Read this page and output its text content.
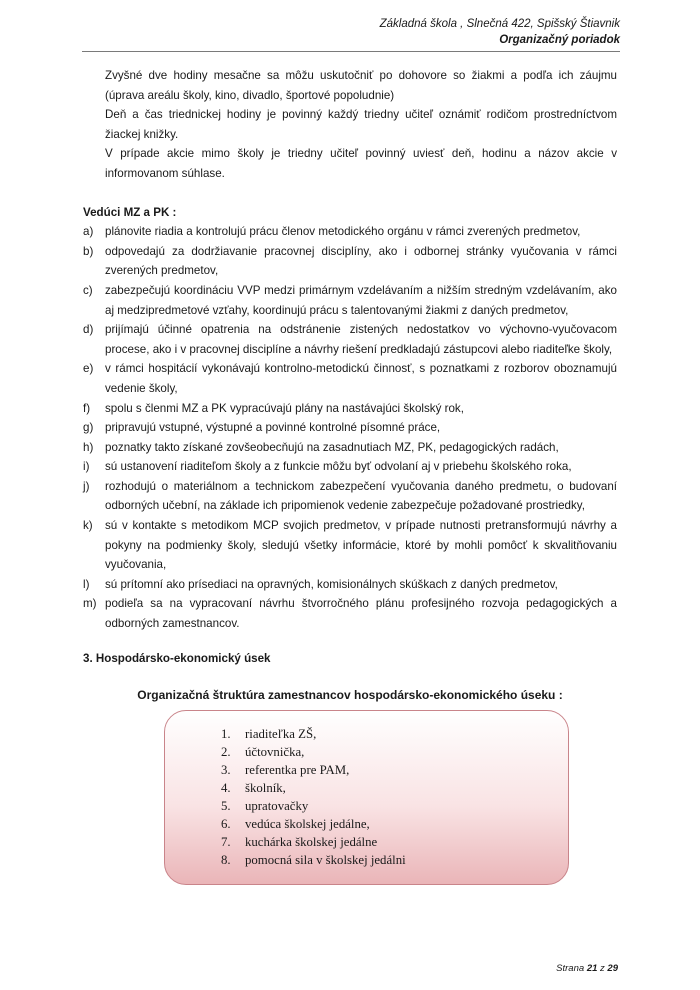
Základná škola , Slnečná 422, Spišský Štiavnik
Organizačný poriadok

Zvyšné dve hodiny mesačne sa môžu uskutočniť po dohovore so žiakmi a podľa ich záujmu (úprava areálu školy, kino, divadlo, športové popoludnie)

Deň a čas triednickej hodiny je povinný každý triedny učiteľ oznámiť rodičom prostredníctvom žiackej knižky.

V prípade akcie mimo školy je triedny učiteľ povinný uviesť deň, hodinu a názov akcie v informovanom súhlase.

Vedúci MZ a PK :
a) plánovite riadia a kontrolujú prácu členov metodického orgánu v rámci zverených predmetov,
b) odpovedajú za dodržiavanie pracovnej disciplíny, ako i odbornej stránky vyučovania v rámci zverených predmetov,
c) zabezpečujú koordináciu VVP medzi primárnym vzdelávaním a nižším stredným vzdelávaním, ako aj medzipredmetové vzťahy, koordinujú prácu s talentovanými žiakmi z daných predmetov,
d) prijímajú účinné opatrenia na odstránenie zistených nedostatkov vo výchovno-vyučovacom procese, ako i v pracovnej disciplíne a návrhy riešení predkladajú zástupcovi alebo riaditeľke školy,
e) v rámci hospitácií vykonávajú kontrolno-metodickú činnosť, s poznatkami z rozborov oboznamujú vedenie školy,
f) spolu s členmi MZ a PK vypracúvajú plány na nastávajúci školský rok,
g) pripravujú vstupné, výstupné a povinné kontrolné písomné práce,
h) poznatky takto získané zovšeobecňujú na zasadnutiach MZ, PK, pedagogických radách,
i) sú ustanovení riaditeľom školy a z funkcie môžu byť odvolaní aj v priebehu školského roka,
j) rozhodujú o materiálnom a technickom zabezpečení vyučovania daného predmetu, o budovaní odborných učební, na základe ich pripomienok vedenie zabezpečuje požadované prostriedky,
k) sú v kontakte s metodikom MCP svojich predmetov, v prípade nutnosti pretransformujú návrhy a pokyny na podmienky školy, sledujú všetky informácie, ktoré by mohli pomôcť k skvalitňovaniu vyučovania,
l) sú prítomní ako prísediaci na opravných, komisionálnych skúškach z daných predmetov,
m) podieľa sa na vypracovaní návrhu štvorročného plánu profesijného rozvoja pedagogických a odborných zamestnancov.
3. Hospodársko-ekonomický úsek
Organizačná štruktúra zamestnancov hospodársko-ekonomického úseku :
1. riaditeľka ZŠ,
2. účtovnička,
3. referentka pre PAM,
4. školník,
5. upratovačky
6. vedúca školskej jedálne,
7. kuchárka školskej jedálne
8. pomocná sila v školskej jedálni
Strana 21 z 29
